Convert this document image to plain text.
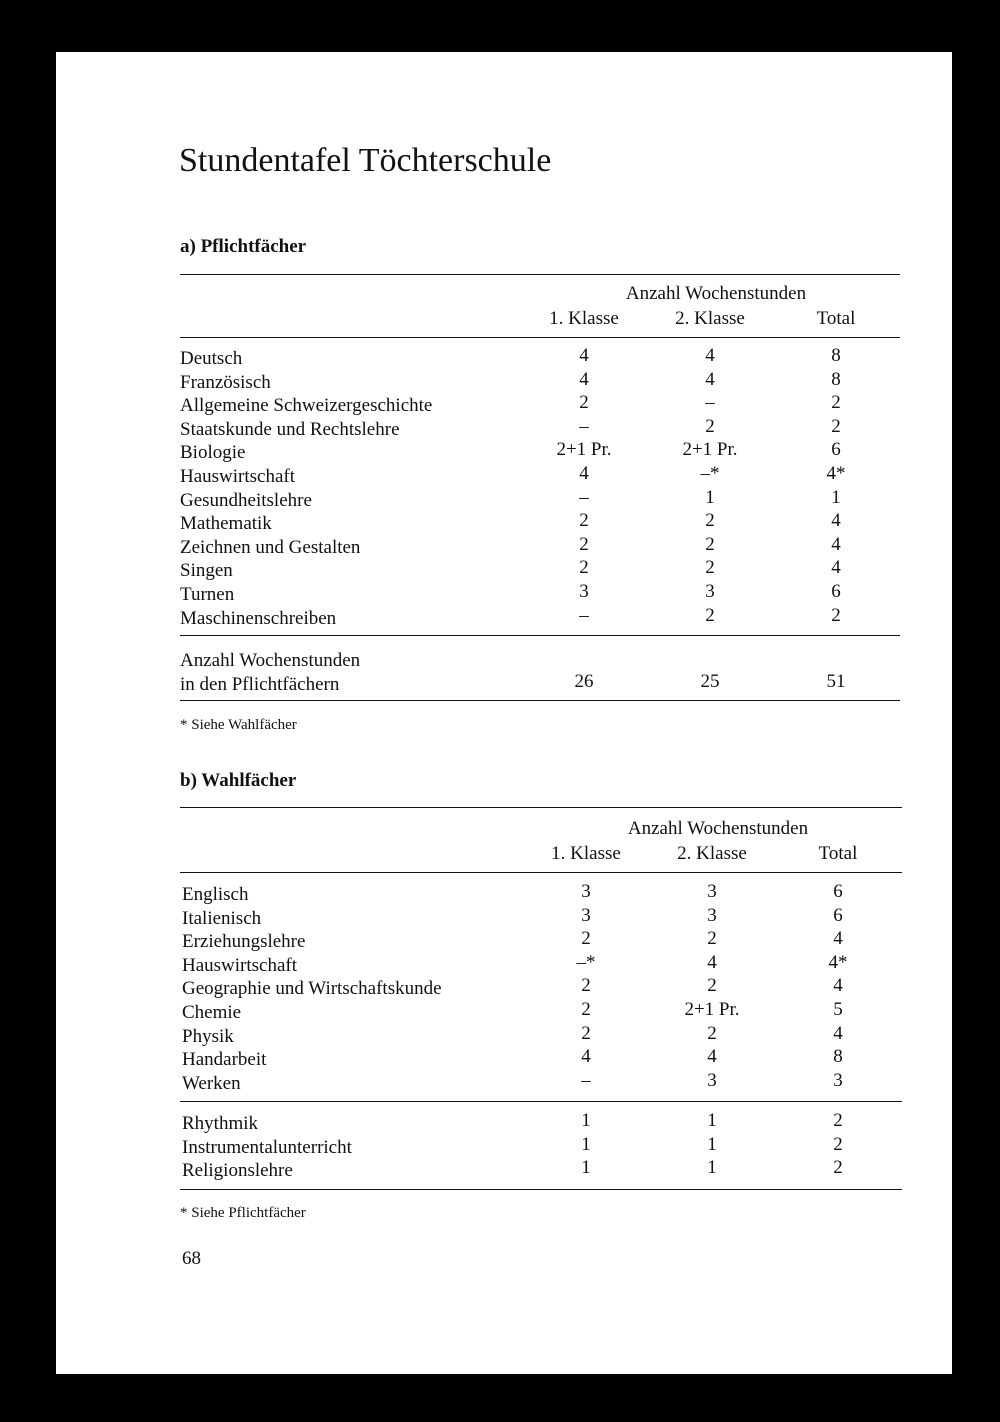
Stundentafel Töchterschule
a) Pflichtfächer
Anzahl Wochenstunden
1. Klasse	2. Klasse	Total
Deutsch	4	4	8
Französisch	4	4	8
Allgemeine Schweizergeschichte	2	–	2
Staatskunde und Rechtslehre	–	2	2
Biologie	2+1 Pr.	2+1 Pr.	6
Hauswirtschaft	4	–*	4*
Gesundheitslehre	–	1	1
Mathematik	2	2	4
Zeichnen und Gestalten	2	2	4
Singen	2	2	4
Turnen	3	3	6
Maschinenschreiben	–	2	2
Anzahl Wochenstunden
in den Pflichtfächern	26	25	51
* Siehe Wahlfächer
b) Wahlfächer
Anzahl Wochenstunden
1. Klasse	2. Klasse	Total
Englisch	3	3	6
Italienisch	3	3	6
Erziehungslehre	2	2	4
Hauswirtschaft	–*	4	4*
Geographie und Wirtschaftskunde	2	2	4
Chemie	2	2+1 Pr.	5
Physik	2	2	4
Handarbeit	4	4	8
Werken	–	3	3
Rhythmik	1	1	2
Instrumentalunterricht	1	1	2
Religionslehre	1	1	2
* Siehe Pflichtfächer
68
